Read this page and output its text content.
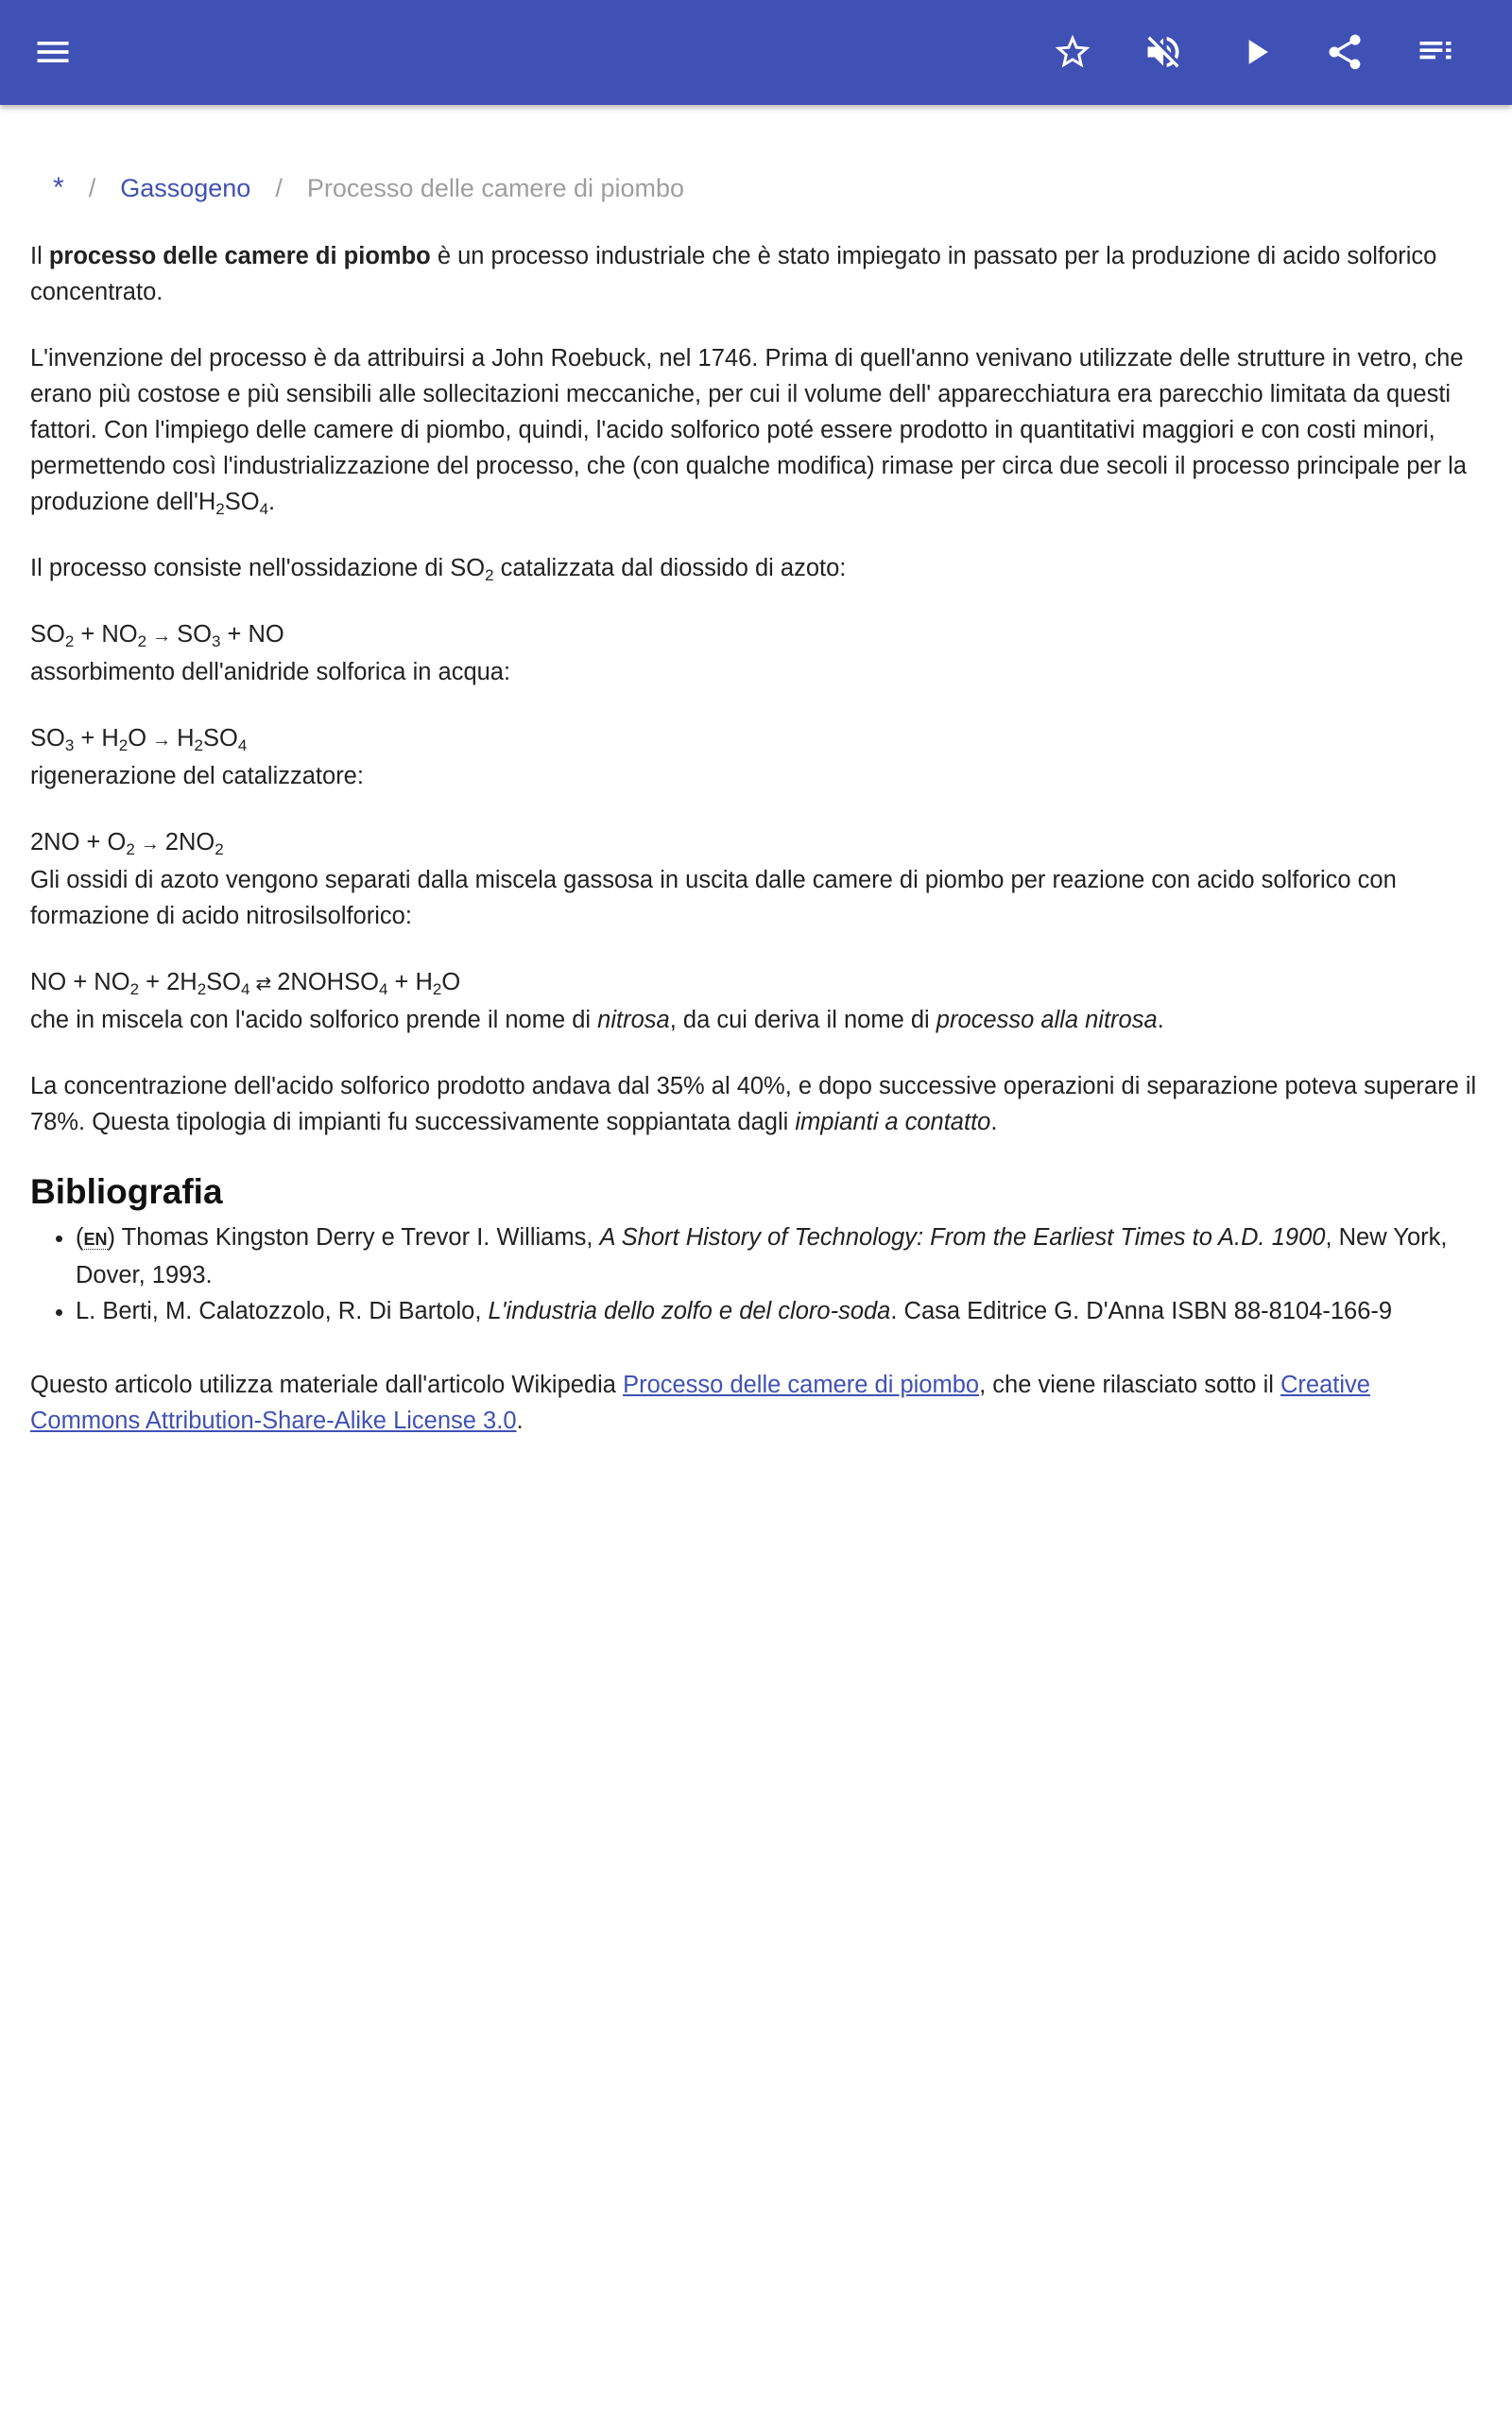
* / Gassogeno / Processo delle camere di piombo

Il processo delle camere di piombo è un processo industriale che è stato impiegato in passato per la produzione di acido solforico concentrato.

L'invenzione del processo è da attribuirsi a John Roebuck, nel 1746. Prima di quell'anno venivano utilizzate delle strutture in vetro, che erano più costose e più sensibili alle sollecitazioni meccaniche, per cui il volume dell' apparecchiatura era parecchio limitata da questi fattori. Con l'impiego delle camere di piombo, quindi, l'acido solforico poté essere prodotto in quantitativi maggiori e con costi minori, permettendo così l'industrializzazione del processo, che (con qualche modifica) rimase per circa due secoli il processo principale per la produzione $dell'H_2SO_4$.

Il processo consiste nell'ossidazione di $SO_2$ catalizzata dal diossido di azoto:

$SO_2 + NO_2 \to SO_3$ + NO
assorbimento dell'anidride solforica in acqua:

$SO_3 + H_2O \to H_2SO_4$
rigenerazione del catalizzatore:

$2NO + O_2 \to 2NO_2$
Gli ossidi di azoto vengono separati dalla miscela gassosa in uscita dalle camere di piombo per reazione con acido solforico con formazione di acido nitrosilsolforico:

NO + $NO_2 + 2H_2SO_4$ ⇄ $2NOHSO_4 + H_2O$
che in miscela con l'acido solforico prende il nome di nitrosa, da cui deriva il nome di processo alla nitrosa.

La concentrazione dell'acido solforico prodotto andava dal 35% al 40%, e dopo successive operazioni di separazione poteva superare il 78%. Questa tipologia di impianti fu successivamente soppiantata dagli impianti a contatto.

Bibliografia
• (EN) Thomas Kingston Derry e Trevor I. Williams, A Short History of Technology: From the Earliest Times to A.D. 1900, New York, Dover, 1993.
• L. Berti, M. Calatozzolo, R. Di Bartolo, L'industria dello zolfo e del cloro-soda. Casa Editrice G. D'Anna ISBN 88-8104-166-9

Questo articolo utilizza materiale dall'articolo Wikipedia Processo delle camere di piombo, che viene rilasciato sotto il Creative Commons Attribution-Share-Alike License 3.0.
